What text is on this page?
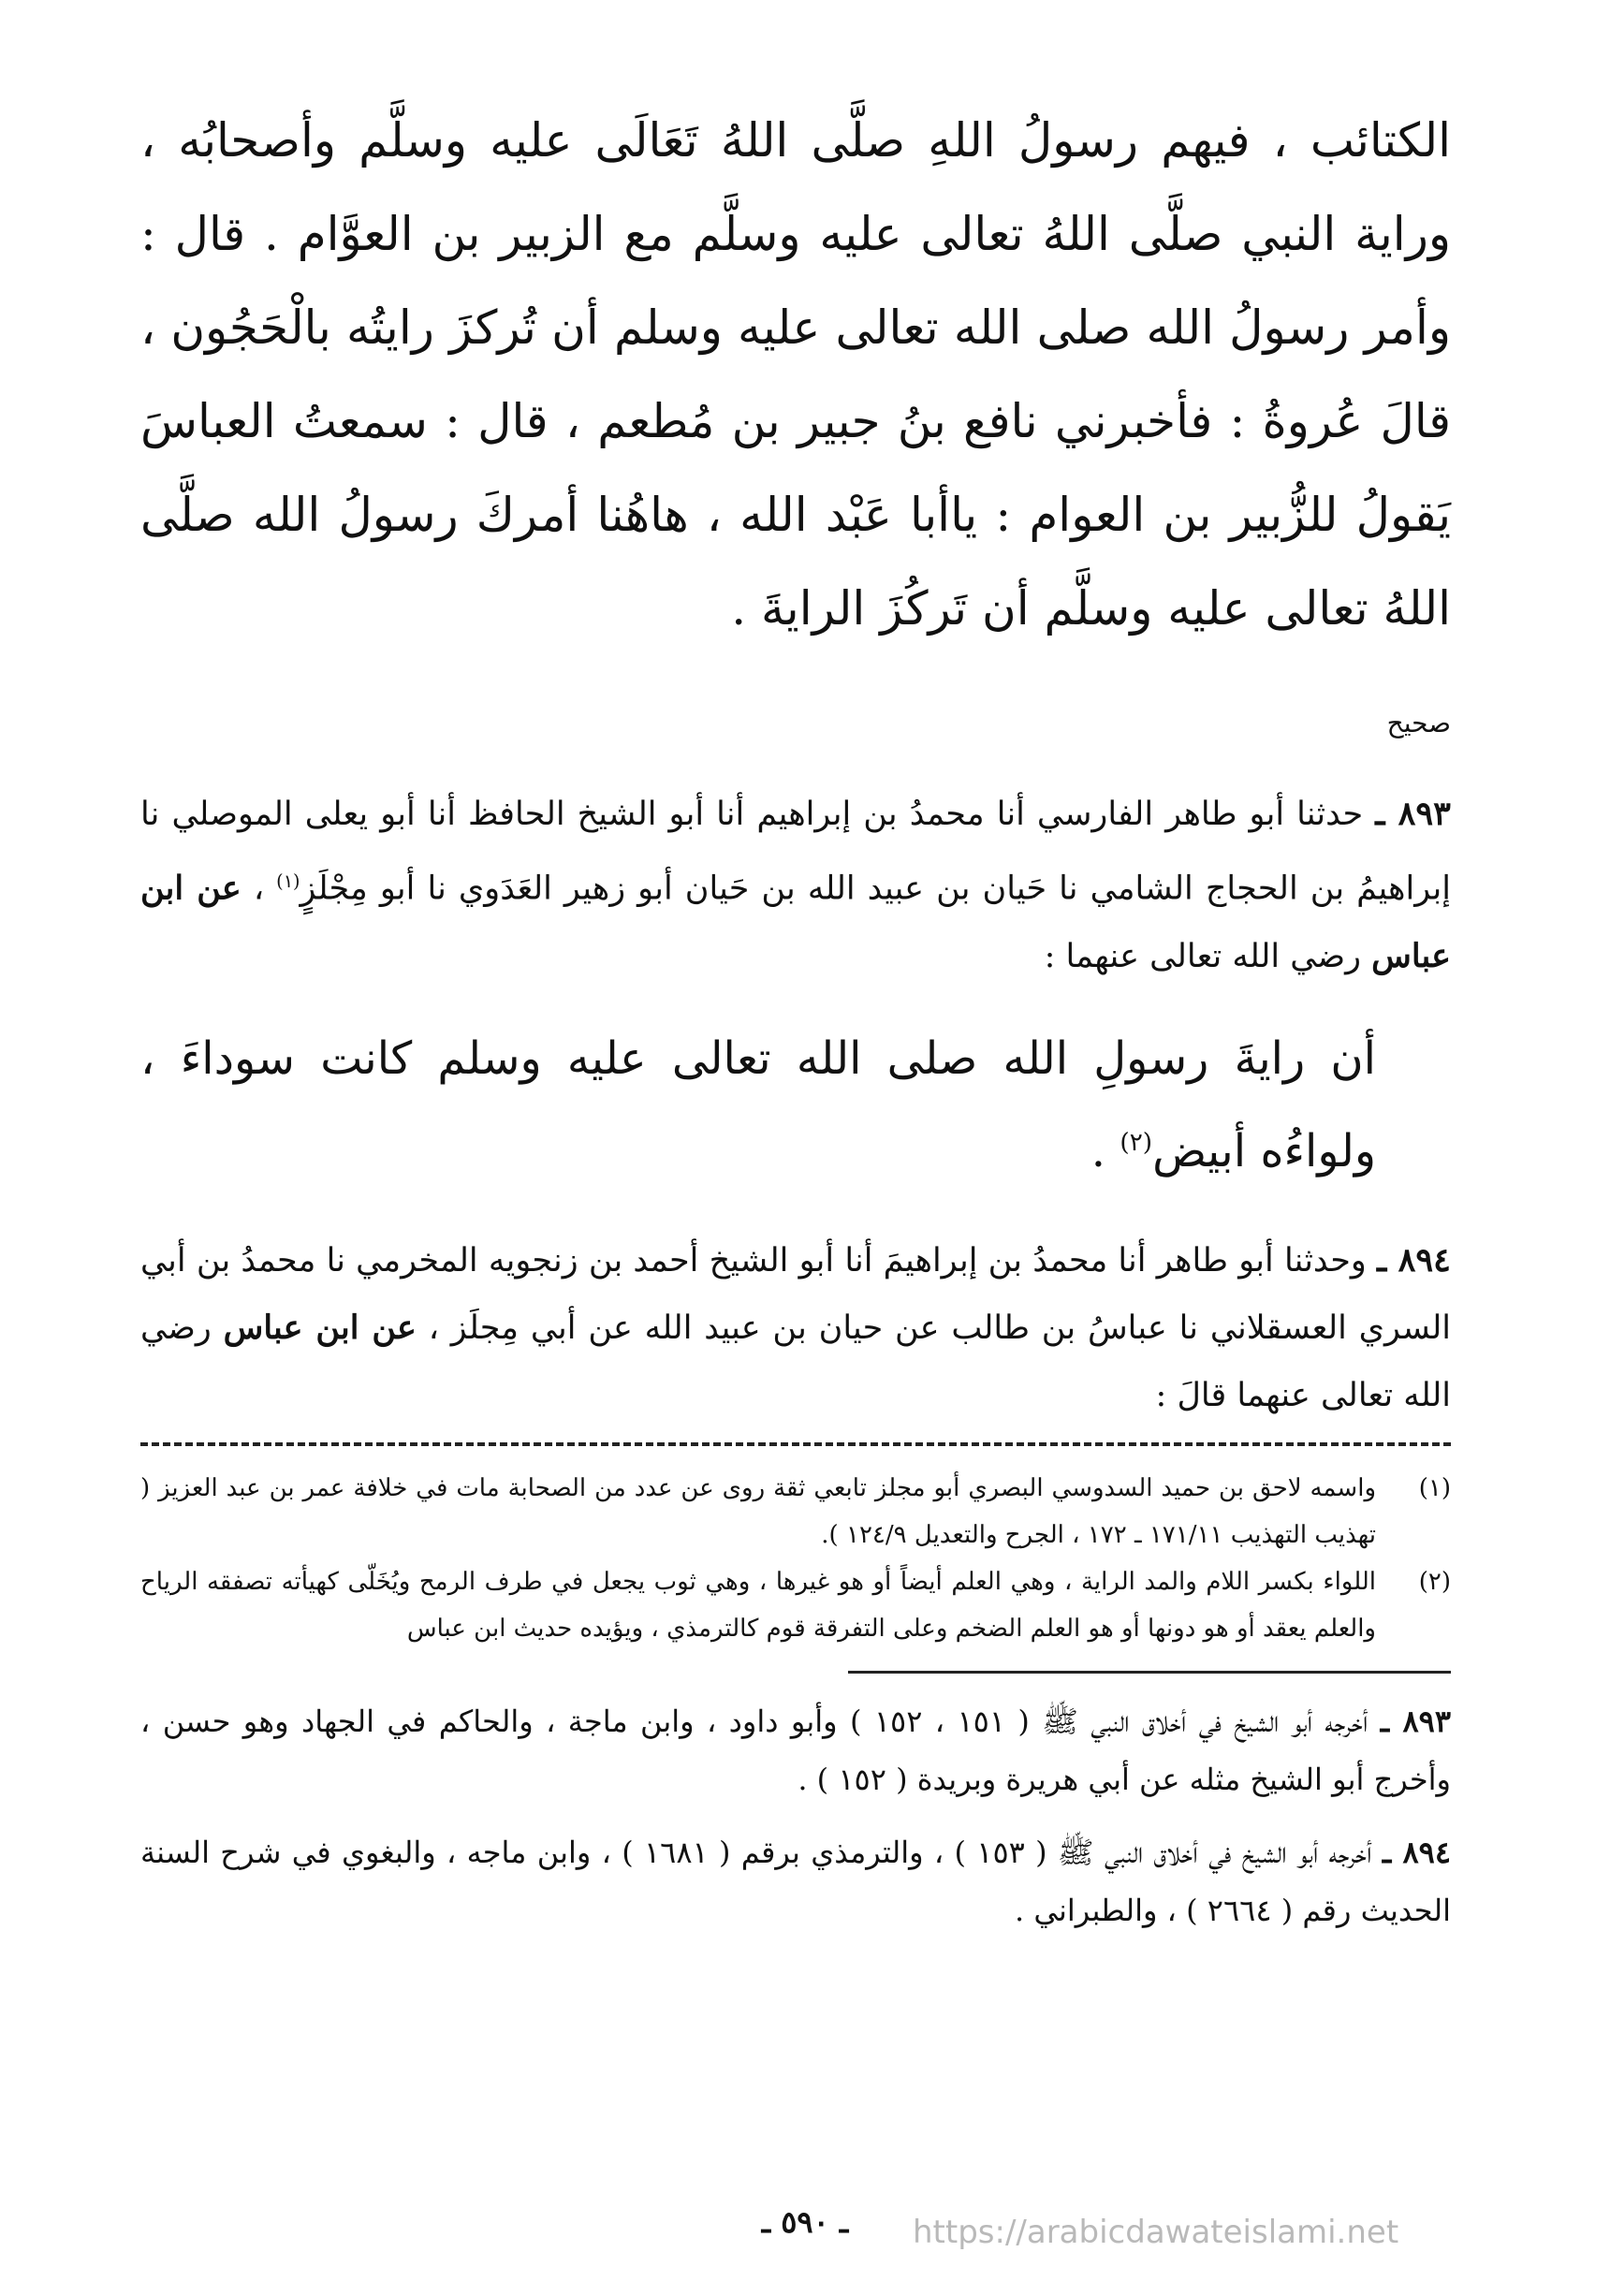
الكتائب ، فيهم رسولُ اللهِ صلَّى اللهُ تَعَالَى عليه وسلَّم وأصحابُه ، وراية النبي صلَّى اللهُ تعالى عليه وسلَّم مع الزبير بن العوَّام . قال : وأمر رسولُ الله صلى الله تعالى عليه وسلم أن تُركزَ رايتُه بالْحَجُون ، قالَ عُروةُ : فأخبرني نافع بنُ جبير بن مُطعم ، قال : سمعتُ العباسَ يَقولُ للزُّبير بن العوام : ياأبا عَبْد الله ، هاهُنا أمركَ رسولُ الله صلَّى اللهُ تعالى عليه وسلَّم أن تَركُزَ الرايةَ .

صحيح

٨٩٣ ـ حدثنا أبو طاهر الفارسي أنا محمدُ بن إبراهيم أنا أبو الشيخ الحافظ أنا أبو يعلى الموصلي نا إبراهيمُ بن الحجاج الشامي نا حَيان بن عبيد الله بن حَيان أبو زهير العَدَوي نا أبو مِجْلَزٍ$^{(١)}$ ، عن ابن عباس رضي الله تعالى عنهما :

أن رايةَ رسولِ الله صلى الله تعالى عليه وسلم كانت سوداءَ ، ولواءُه أبيض$^{(٢)}$ .

٨٩٤ ـ وحدثنا أبو طاهر أنا محمدُ بن إبراهيمَ أنا أبو الشيخ أحمد بن زنجويه المخرمي نا محمدُ بن أبي السري العسقلاني نا عباسُ بن طالب عن حيان بن عبيد الله عن أبي مِجلَز ، عن ابن عباس رضي الله تعالى عنهما قالَ :

(١)
واسمه لاحق بن حميد السدوسي البصري أبو مجلز تابعي ثقة روى عن عدد من الصحابة مات في خلافة عمر بن عبد العزيز ( تهذيب التهذيب ١٧١/١١ ـ ١٧٢ ، الجرح والتعديل ١٢٤/٩ ).
(٢)
اللواء بكسر اللام والمد الراية ، وهي العلم أيضاً أو هو غيرها ، وهي ثوب يجعل في طرف الرمح ويُخَلّى كهيأته تصفقه الرياح والعلم يعقد أو هو دونها أو هو العلم الضخم وعلى التفرقة قوم كالترمذي ، ويؤيده حديث ابن عباس

٨٩٣ ـ أخرجه أبو الشيخ في أخلاق النبي ﷺ ( ١٥١ ، ١٥٢ ) وأبو داود ، وابن ماجة ، والحاكم في الجهاد وهو حسن ، وأخرج أبو الشيخ مثله عن أبي هريرة وبريدة ( ١٥٢ ) .

٨٩٤ ـ أخرجه أبو الشيخ في أخلاق النبي ﷺ ( ١٥٣ ) ، والترمذي برقم ( ١٦٨١ ) ، وابن ماجه ، والبغوي في شرح السنة الحديث رقم ( ٢٦٦٤ ) ، والطبراني .

ـ ٥٩٠ ـ	https://arabicdawateislami.net
